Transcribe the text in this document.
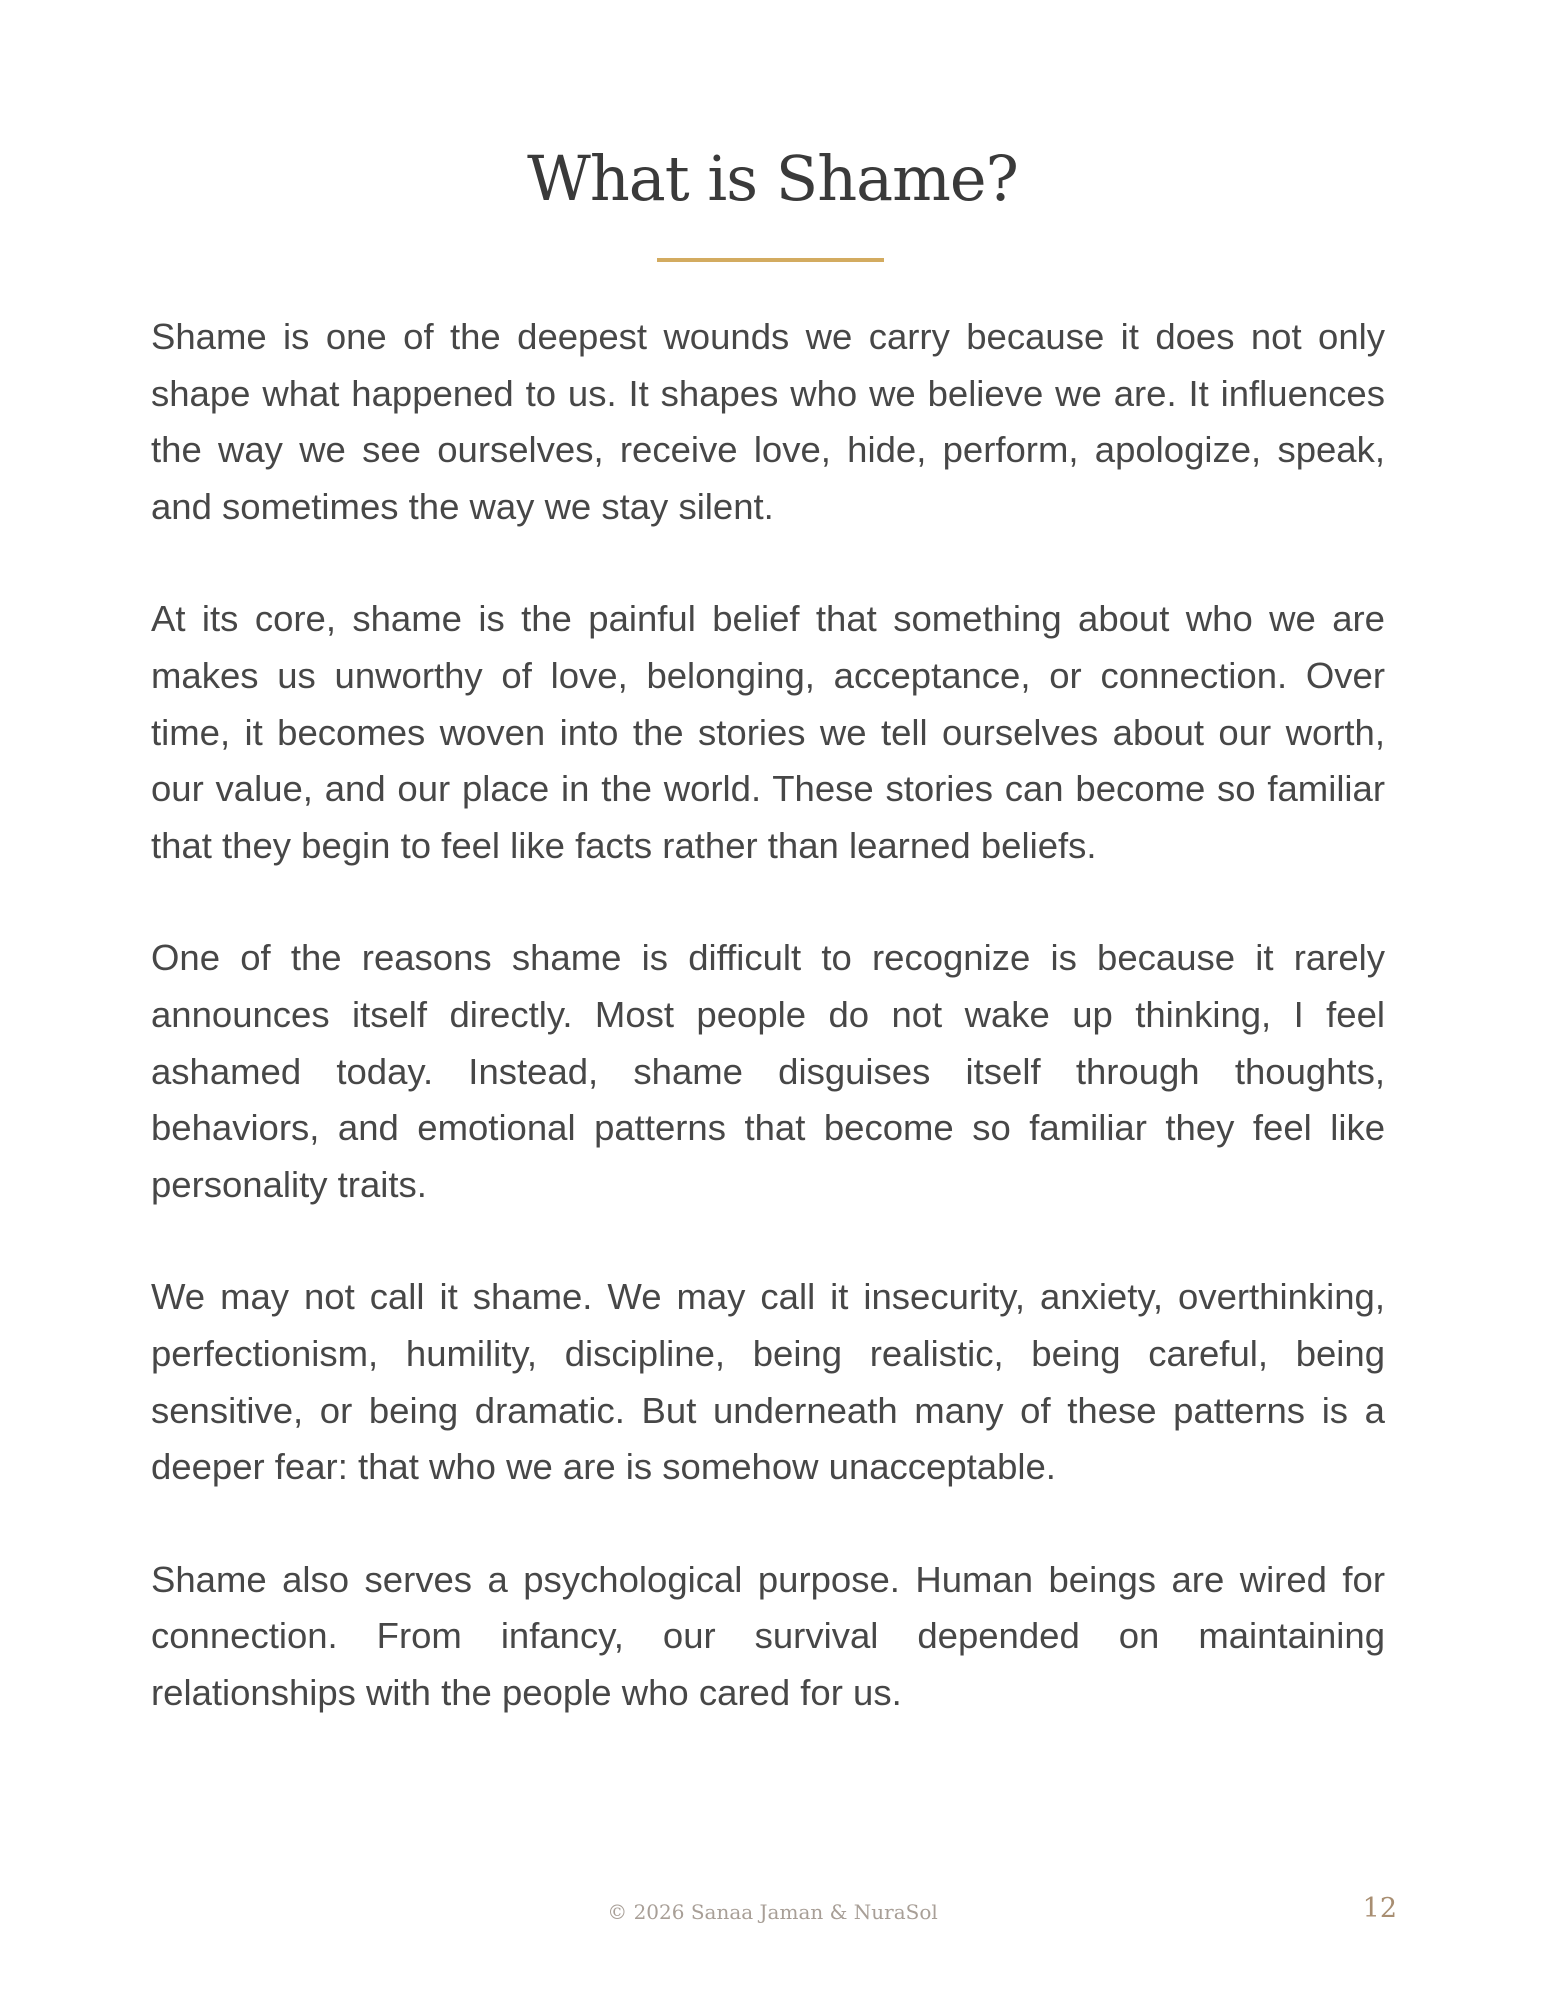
What is Shame?

Shame is one of the deepest wounds we carry because it does not only shape what happened to us. It shapes who we believe we are. It influences the way we see ourselves, receive love, hide, perform, apologize, speak, and sometimes the way we stay silent.

At its core, shame is the painful belief that something about who we are makes us unworthy of love, belonging, acceptance, or connection. Over time, it becomes woven into the stories we tell ourselves about our worth, our value, and our place in the world. These stories can become so familiar that they begin to feel like facts rather than learned beliefs.

One of the reasons shame is difficult to recognize is because it rarely announces itself directly. Most people do not wake up thinking, I feel ashamed today. Instead, shame disguises itself through thoughts, behaviors, and emotional patterns that become so familiar they feel like personality traits.

We may not call it shame. We may call it insecurity, anxiety, overthinking, perfectionism, humility, discipline, being realistic, being careful, being sensitive, or being dramatic. But underneath many of these patterns is a deeper fear: that who we are is somehow unacceptable.

Shame also serves a psychological purpose. Human beings are wired for connection. From infancy, our survival depended on maintaining relationships with the people who cared for us.

© 2026 Sanaa Jaman & NuraSol	12
